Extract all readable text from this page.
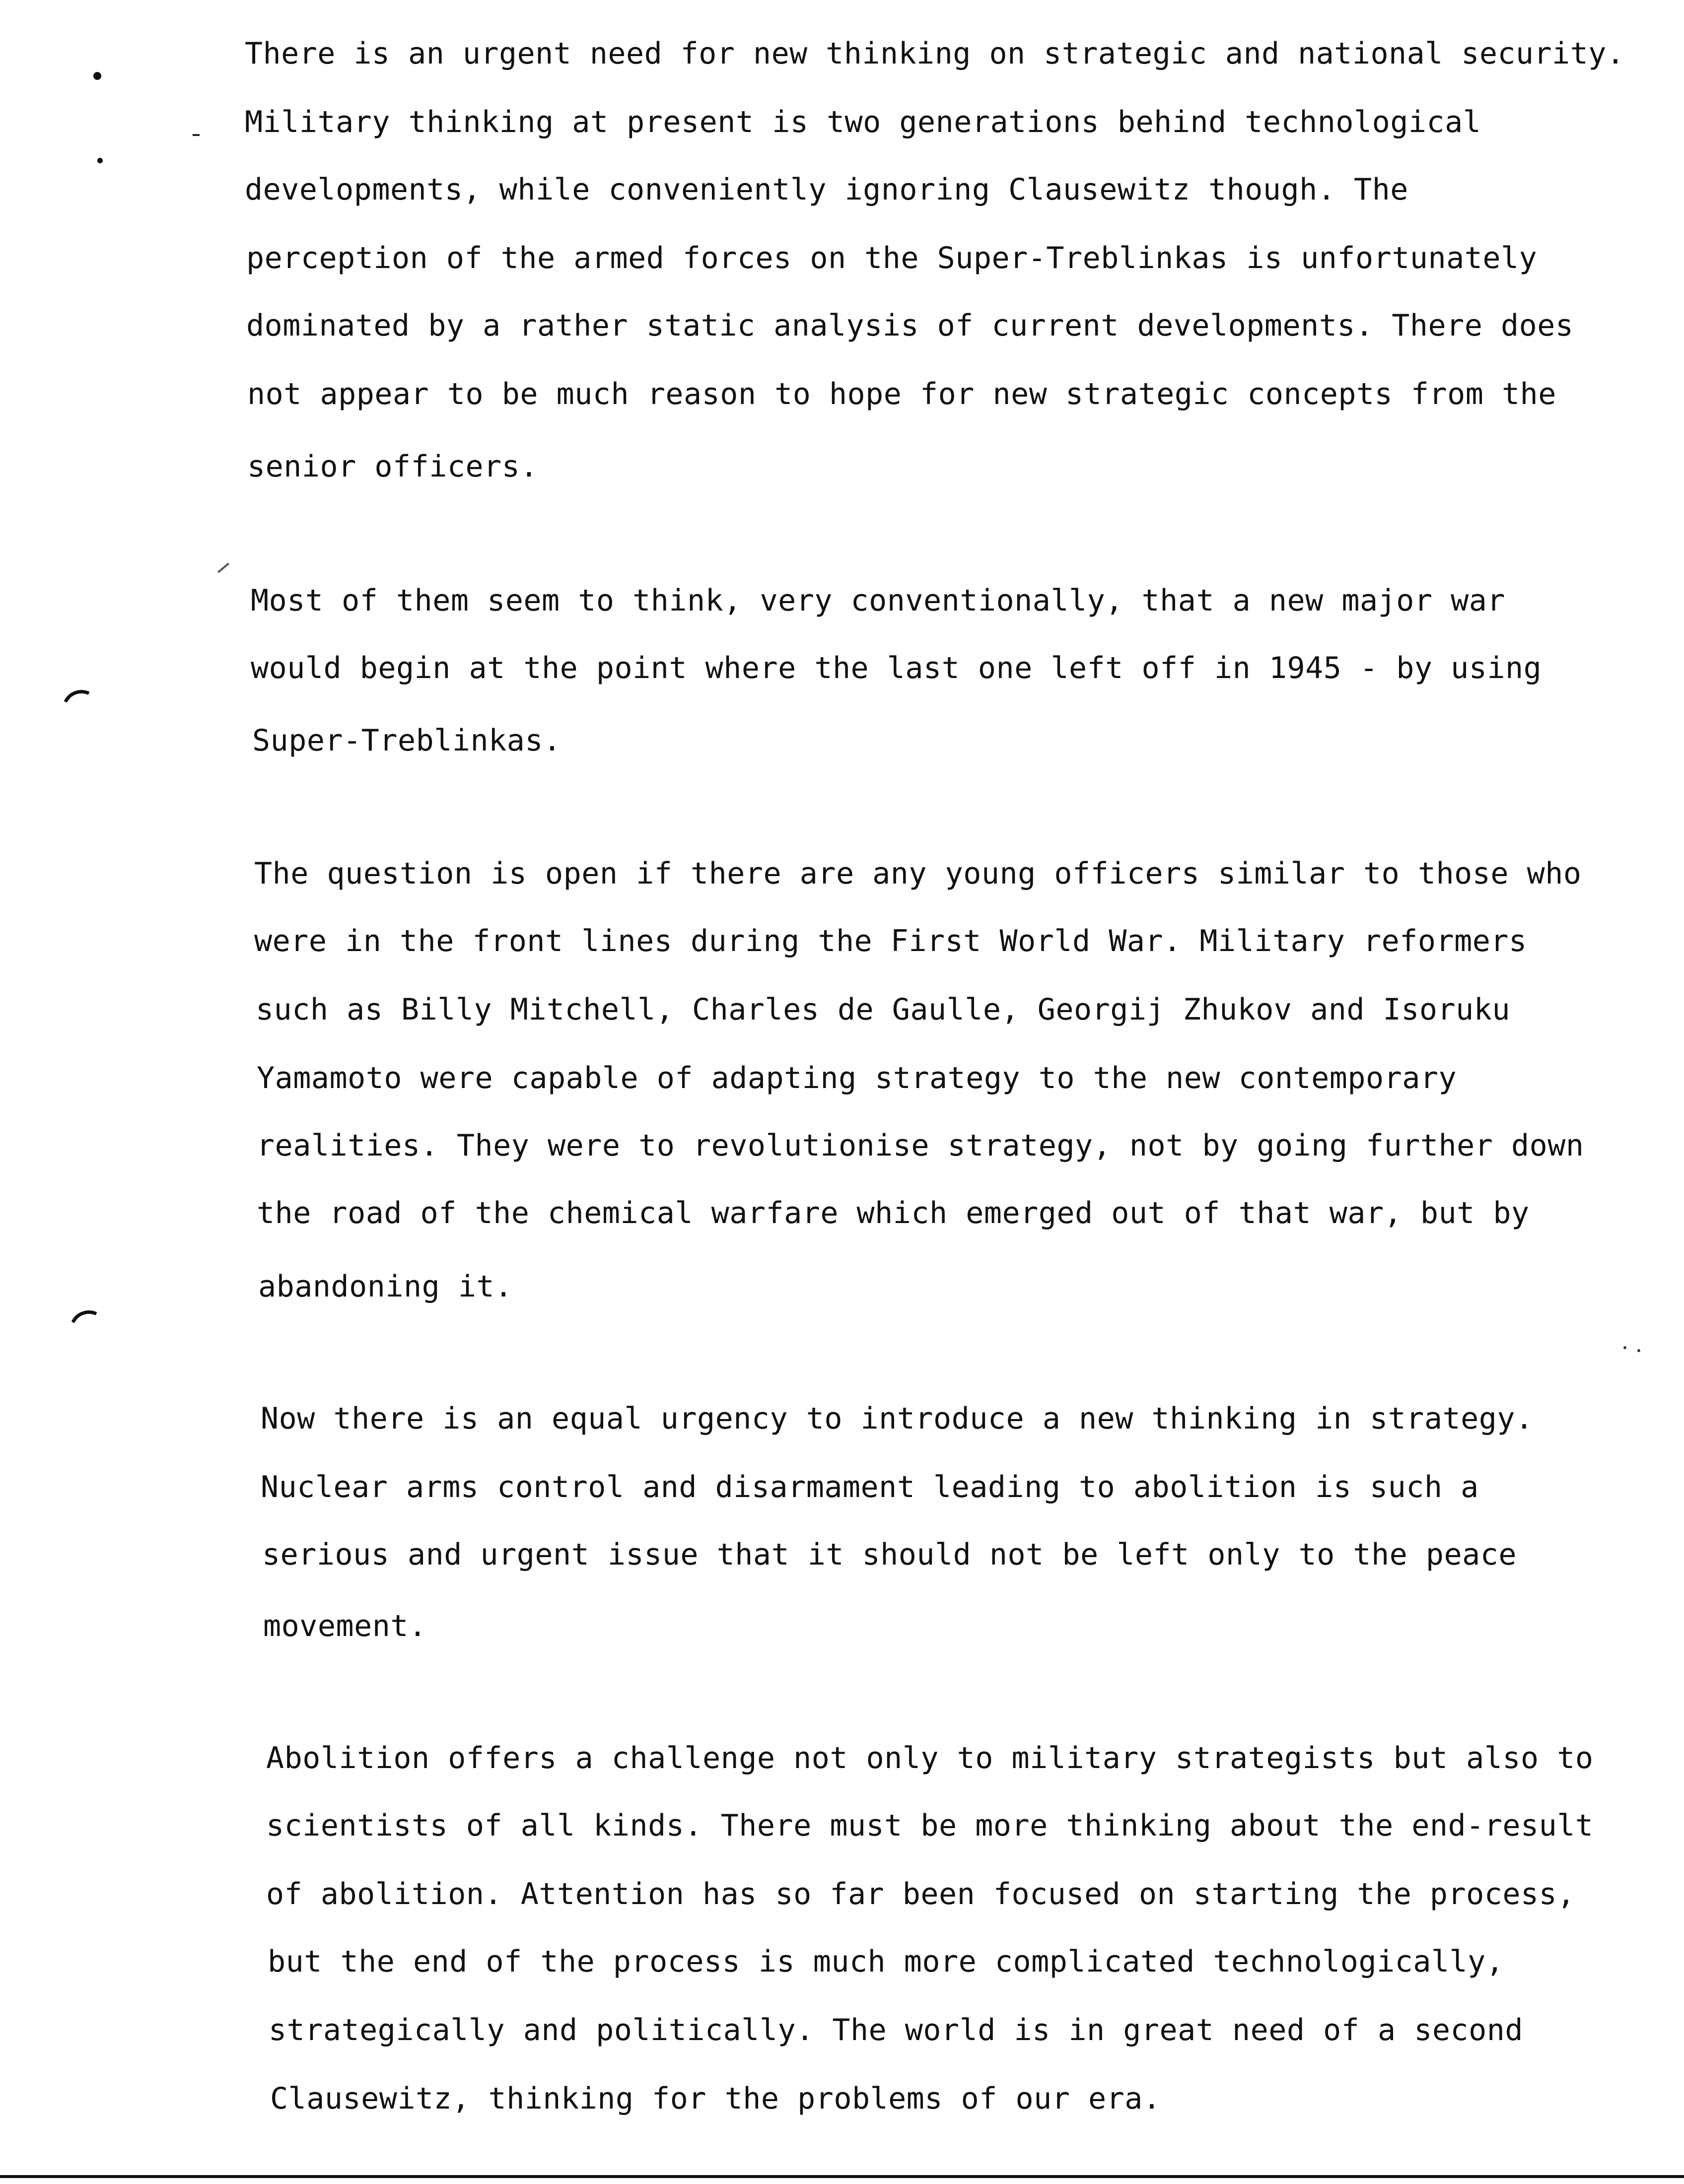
There is an urgent need for new thinking on strategic and national security.
Military thinking at present is two generations behind technological
developments, while conveniently ignoring Clausewitz though. The
perception of the armed forces on the Super-Treblinkas is unfortunately
dominated by a rather static analysis of current developments. There does
not appear to be much reason to hope for new strategic concepts from the
senior officers.
Most of them seem to think, very conventionally, that a new major war
would begin at the point where the last one left off in 1945 - by using
Super-Treblinkas.
The question is open if there are any young officers similar to those who
were in the front lines during the First World War. Military reformers
such as Billy Mitchell, Charles de Gaulle, Georgij Zhukov and Isoruku
Yamamoto were capable of adapting strategy to the new contemporary
realities. They were to revolutionise strategy, not by going further down
the road of the chemical warfare which emerged out of that war, but by
abandoning it.
Now there is an equal urgency to introduce a new thinking in strategy.
Nuclear arms control and disarmament leading to abolition is such a
serious and urgent issue that it should not be left only to the peace
movement.
Abolition offers a challenge not only to military strategists but also to
scientists of all kinds. There must be more thinking about the end-result
of abolition. Attention has so far been focused on starting the process,
but the end of the process is much more complicated technologically,
strategically and politically. The world is in great need of a second
Clausewitz, thinking for the problems of our era.
